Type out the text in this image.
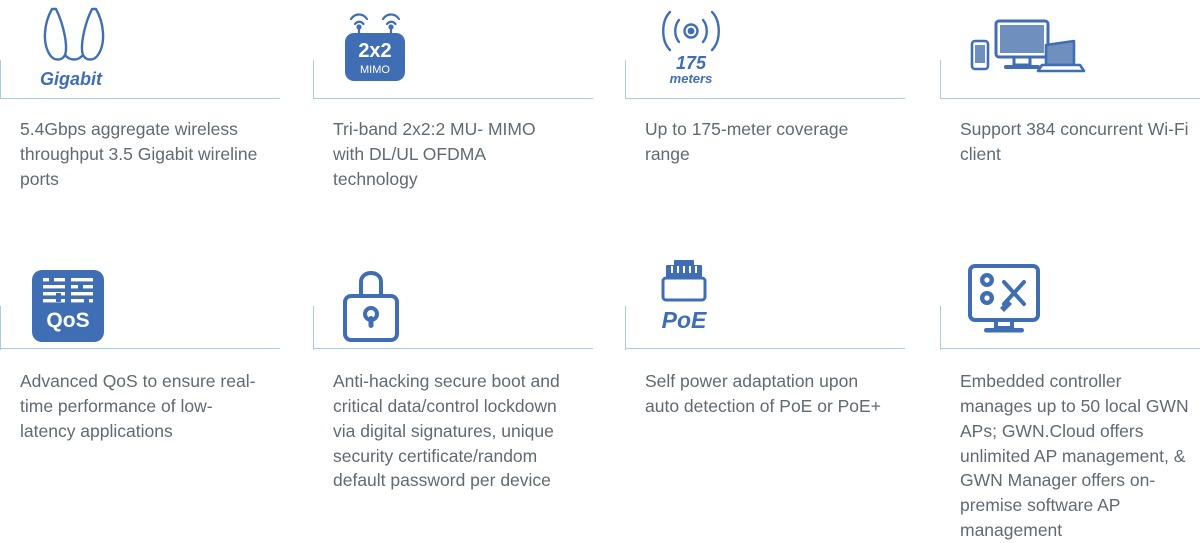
Gigabit
5.4Gbps aggregate wireless throughput 3.5 Gigabit wireline ports
2x2
MIMO
Tri-band 2x2:2 MU- MIMO with DL/UL OFDMA technology
175
meters
Up to 175-meter coverage range
Support 384 concurrent Wi-Fi client
QoS
Advanced QoS to ensure real-time performance of low-latency applications
Anti-hacking secure boot and critical data/control lockdown via digital signatures, unique security certificate/random default password per device
PoE
Self power adaptation upon auto detection of PoE or PoE+
Embedded controller manages up to 50 local GWN APs; GWN.Cloud offers unlimited AP management, & GWN Manager offers on-premise software AP management
